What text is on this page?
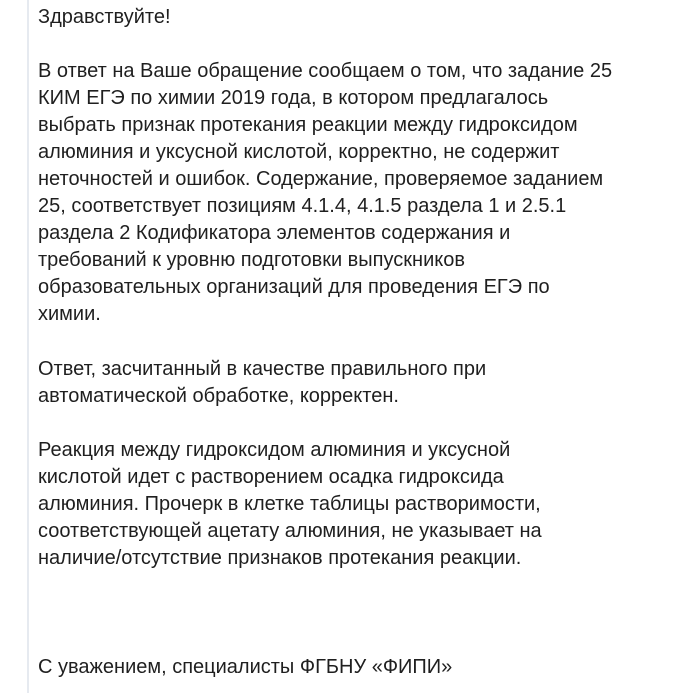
Здравствуйте!

В ответ на Ваше обращение сообщаем о том, что задание 25
КИМ ЕГЭ по химии 2019 года, в котором предлагалось
выбрать признак протекания реакции между гидроксидом
алюминия и уксусной кислотой, корректно, не содержит
неточностей и ошибок. Содержание, проверяемое заданием
25, соответствует позициям 4.1.4, 4.1.5 раздела 1 и 2.5.1
раздела 2 Кодификатора элементов содержания и
требований к уровню подготовки выпускников
образовательных организаций для проведения ЕГЭ по
химии.

Ответ, засчитанный в качестве правильного при
автоматической обработке, корректен.

Реакция между гидроксидом алюминия и уксусной
кислотой идет с растворением осадка гидроксида
алюминия. Прочерк в клетке таблицы растворимости,
соответствующей ацетату алюминия, не указывает на
наличие/отсутствие признаков протекания реакции.

С уважением, специалисты ФГБНУ «ФИПИ»
